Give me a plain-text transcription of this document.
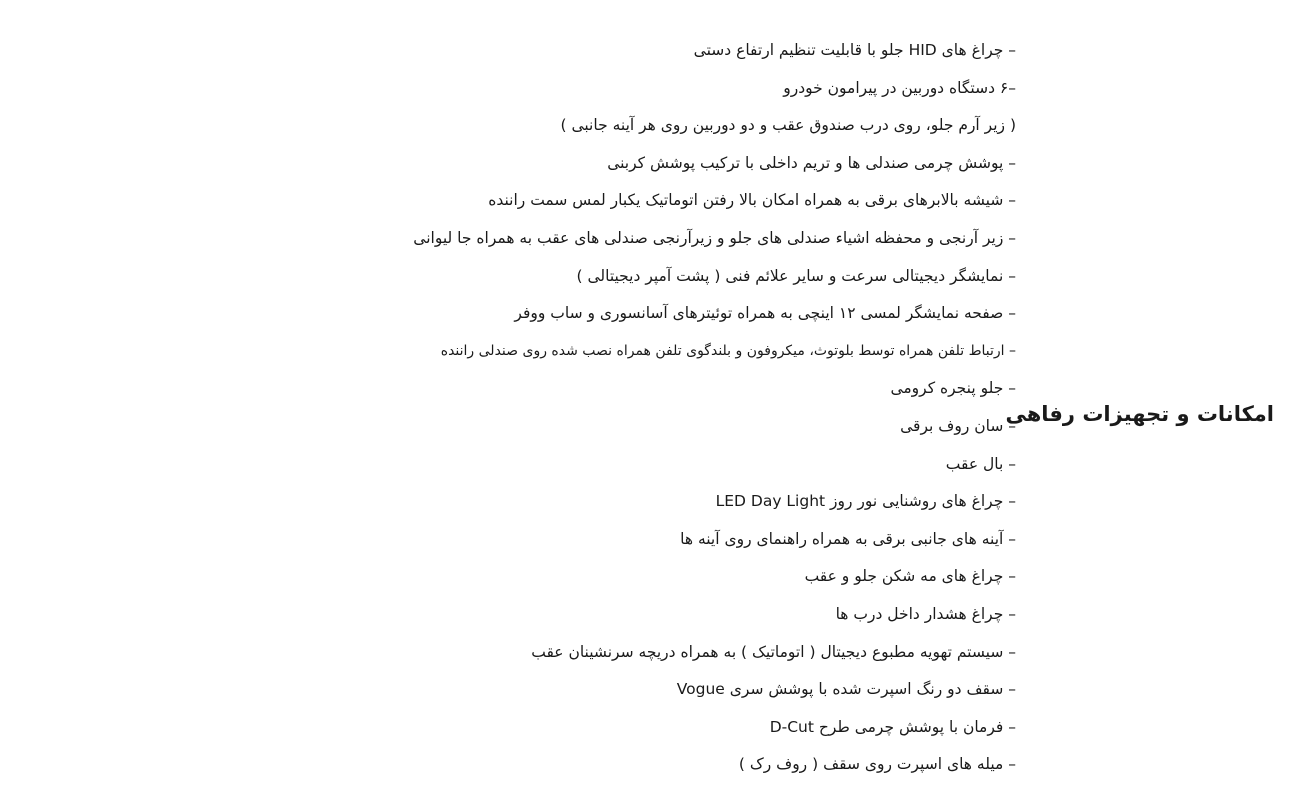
امکانات و تجهیزات رفاهی
– چراغ های HID جلو با قابلیت تنظیم ارتفاع دستی
–۶ دستگاه دوربین در پیرامون خودرو
( زیر آرم جلو، روی درب صندوق عقب و دو دوربین روی هر آینه جانبی )
– پوشش چرمی صندلی ها و تریم داخلی با ترکیب پوشش کربنی
– شیشه بالابرهای برقی به همراه امکان بالا رفتن اتوماتیک یکبار لمس سمت راننده
– زیر آرنجی و محفظه اشیاء صندلی های جلو و زیرآرنجی صندلی های عقب به همراه جا لیوانی
– نمایشگر دیجیتالی سرعت و سایر علائم فنی ( پشت آمپر دیجیتالی )
– صفحه نمایشگر لمسی ۱۲ اینچی به همراه توئیترهای آسانسوری و ساب ووفر
– ارتباط تلفن همراه توسط بلوتوث، میکروفون و بلندگوی تلفن همراه نصب شده روی صندلی راننده
– جلو پنجره کرومی
– سان روف برقی
– بال عقب
– چراغ های روشنایی نور روز LED Day Light
– آینه های جانبی برقی به همراه راهنمای روی آینه ها
– چراغ های مه شکن جلو و عقب
– چراغ هشدار داخل درب ها
– سیستم تهویه مطبوع دیجیتال ( اتوماتیک ) به همراه دریچه سرنشینان عقب
– سقف دو رنگ اسپرت شده با پوشش سری Vogue
– فرمان با پوشش چرمی طرح D-Cut
– میله های اسپرت روی سقف ( روف رک )
